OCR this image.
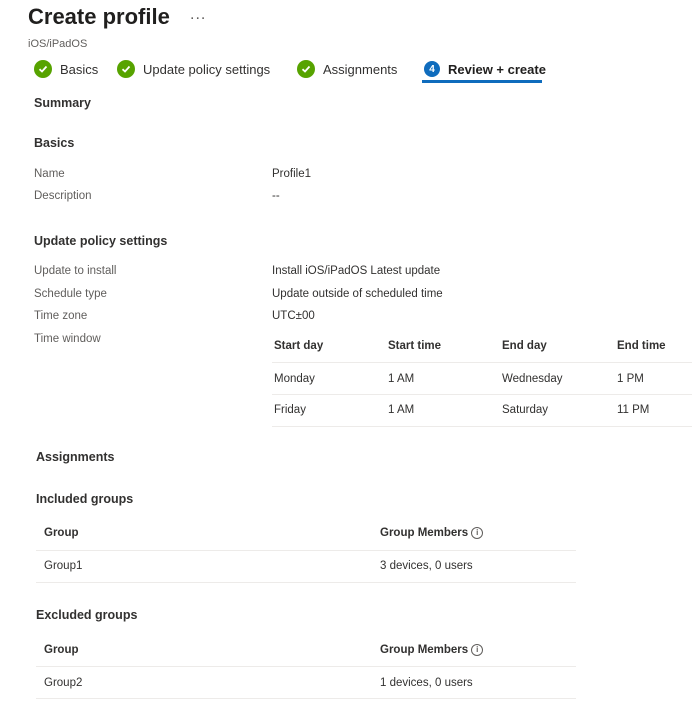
Create profile ...
iOS/iPadOS
Basics	Update policy settings	Assignments	4	Review + create
Summary
Basics
Name	Profile1
Description	--
Update policy settings
Update to install	Install iOS/iPadOS Latest update
Schedule type	Update outside of scheduled time
Time zone	UTC±00
Time window
Start day	Start time	End day	End time
Monday	1 AM	Wednesday	1 PM
Friday	1 AM	Saturday	11 PM
Assignments
Included groups
Group	Group Members i
Group1	3 devices, 0 users
Excluded groups
Group	Group Members i
Group2	1 devices, 0 users
